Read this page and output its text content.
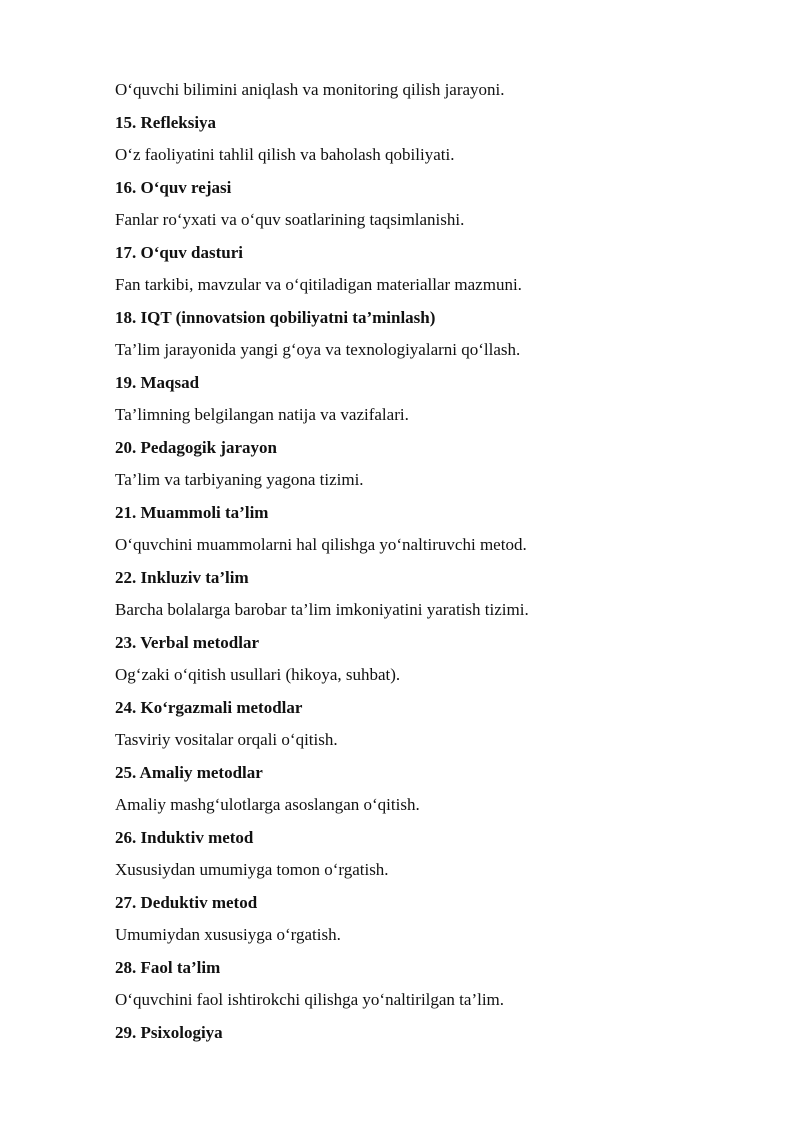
O‘quvchi bilimini aniqlash va monitoring qilish jarayoni.
15. Refleksiya
O‘z faoliyatini tahlil qilish va baholash qobiliyati.
16. O‘quv rejasi
Fanlar ro‘yxati va o‘quv soatlarining taqsimlanishi.
17. O‘quv dasturi
Fan tarkibi, mavzular va o‘qitiladigan materiallar mazmuni.
18. IQT (innovatsion qobiliyatni ta’minlash)
Ta’lim jarayonida yangi g‘oya va texnologiyalarni qo‘llash.
19. Maqsad
Ta’limning belgilangan natija va vazifalari.
20. Pedagogik jarayon
Ta’lim va tarbiyaning yagona tizimi.
21. Muammoli ta’lim
O‘quvchini muammolarni hal qilishga yo‘naltiruvchi metod.
22. Inkluziv ta’lim
Barcha bolalarga barobar ta’lim imkoniyatini yaratish tizimi.
23. Verbal metodlar
Og‘zaki o‘qitish usullari (hikoya, suhbat).
24. Ko‘rgazmali metodlar
Tasviriy vositalar orqali o‘qitish.
25. Amaliy metodlar
Amaliy mashg‘ulotlarga asoslangan o‘qitish.
26. Induktiv metod
Xususiydan umumiyga tomon o‘rgatish.
27. Deduktiv metod
Umumiydan xususiyga o‘rgatish.
28. Faol ta’lim
O‘quvchini faol ishtirokchi qilishga yo‘naltirilgan ta’lim.
29. Psixologiya
